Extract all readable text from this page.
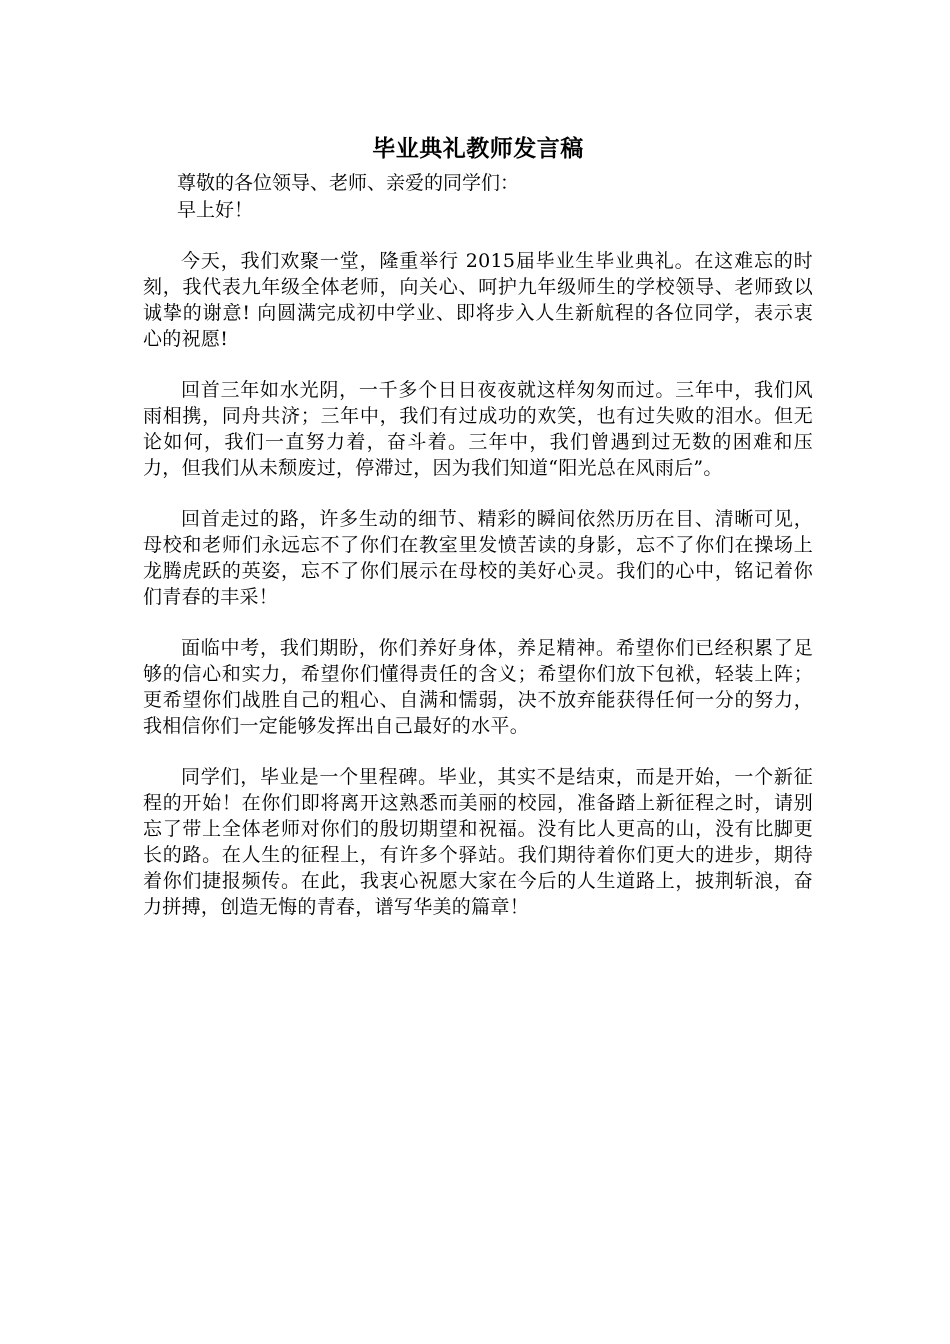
毕业典礼教师发言稿

尊敬的各位领导、老师、亲爱的同学们：

早上好！

今天，我们欢聚一堂，隆重举行 2015届毕业生毕业典礼。在这难忘的时刻，我代表九年级全体老师，向关心、呵护九年级师生的学校领导、老师致以诚挚的谢意! 向圆满完成初中学业、即将步入人生新航程的各位同学，表示衷心的祝愿!

回首三年如水光阴，一千多个日日夜夜就这样匆匆而过。三年中，我们风雨相携，同舟共济；三年中，我们有过成功的欢笑，也有过失败的泪水。但无论如何，我们一直努力着，奋斗着。三年中，我们曾遇到过无数的困难和压力，但我们从未颓废过，停滞过，因为我们知道“阳光总在风雨后”。

回首走过的路，许多生动的细节、精彩的瞬间依然历历在目、清晰可见，母校和老师们永远忘不了你们在教室里发愤苦读的身影，忘不了你们在操场上龙腾虎跃的英姿，忘不了你们展示在母校的美好心灵。我们的心中，铭记着你们青春的丰采！

面临中考，我们期盼，你们养好身体，养足精神。希望你们已经积累了足够的信心和实力，希望你们懂得责任的含义；希望你们放下包袱，轻装上阵；更希望你们战胜自己的粗心、自满和懦弱，决不放弃能获得任何一分的努力，我相信你们一定能够发挥出自己最好的水平。

同学们，毕业是一个里程碑。毕业，其实不是结束，而是开始，一个新征程的开始！在你们即将离开这熟悉而美丽的校园，准备踏上新征程之时，请别忘了带上全体老师对你们的殷切期望和祝福。没有比人更高的山，没有比脚更长的路。在人生的征程上，有许多个驿站。我们期待着你们更大的进步，期待着你们捷报频传。在此，我衷心祝愿大家在今后的人生道路上，披荆斩浪，奋力拼搏，创造无悔的青春，谱写华美的篇章！
